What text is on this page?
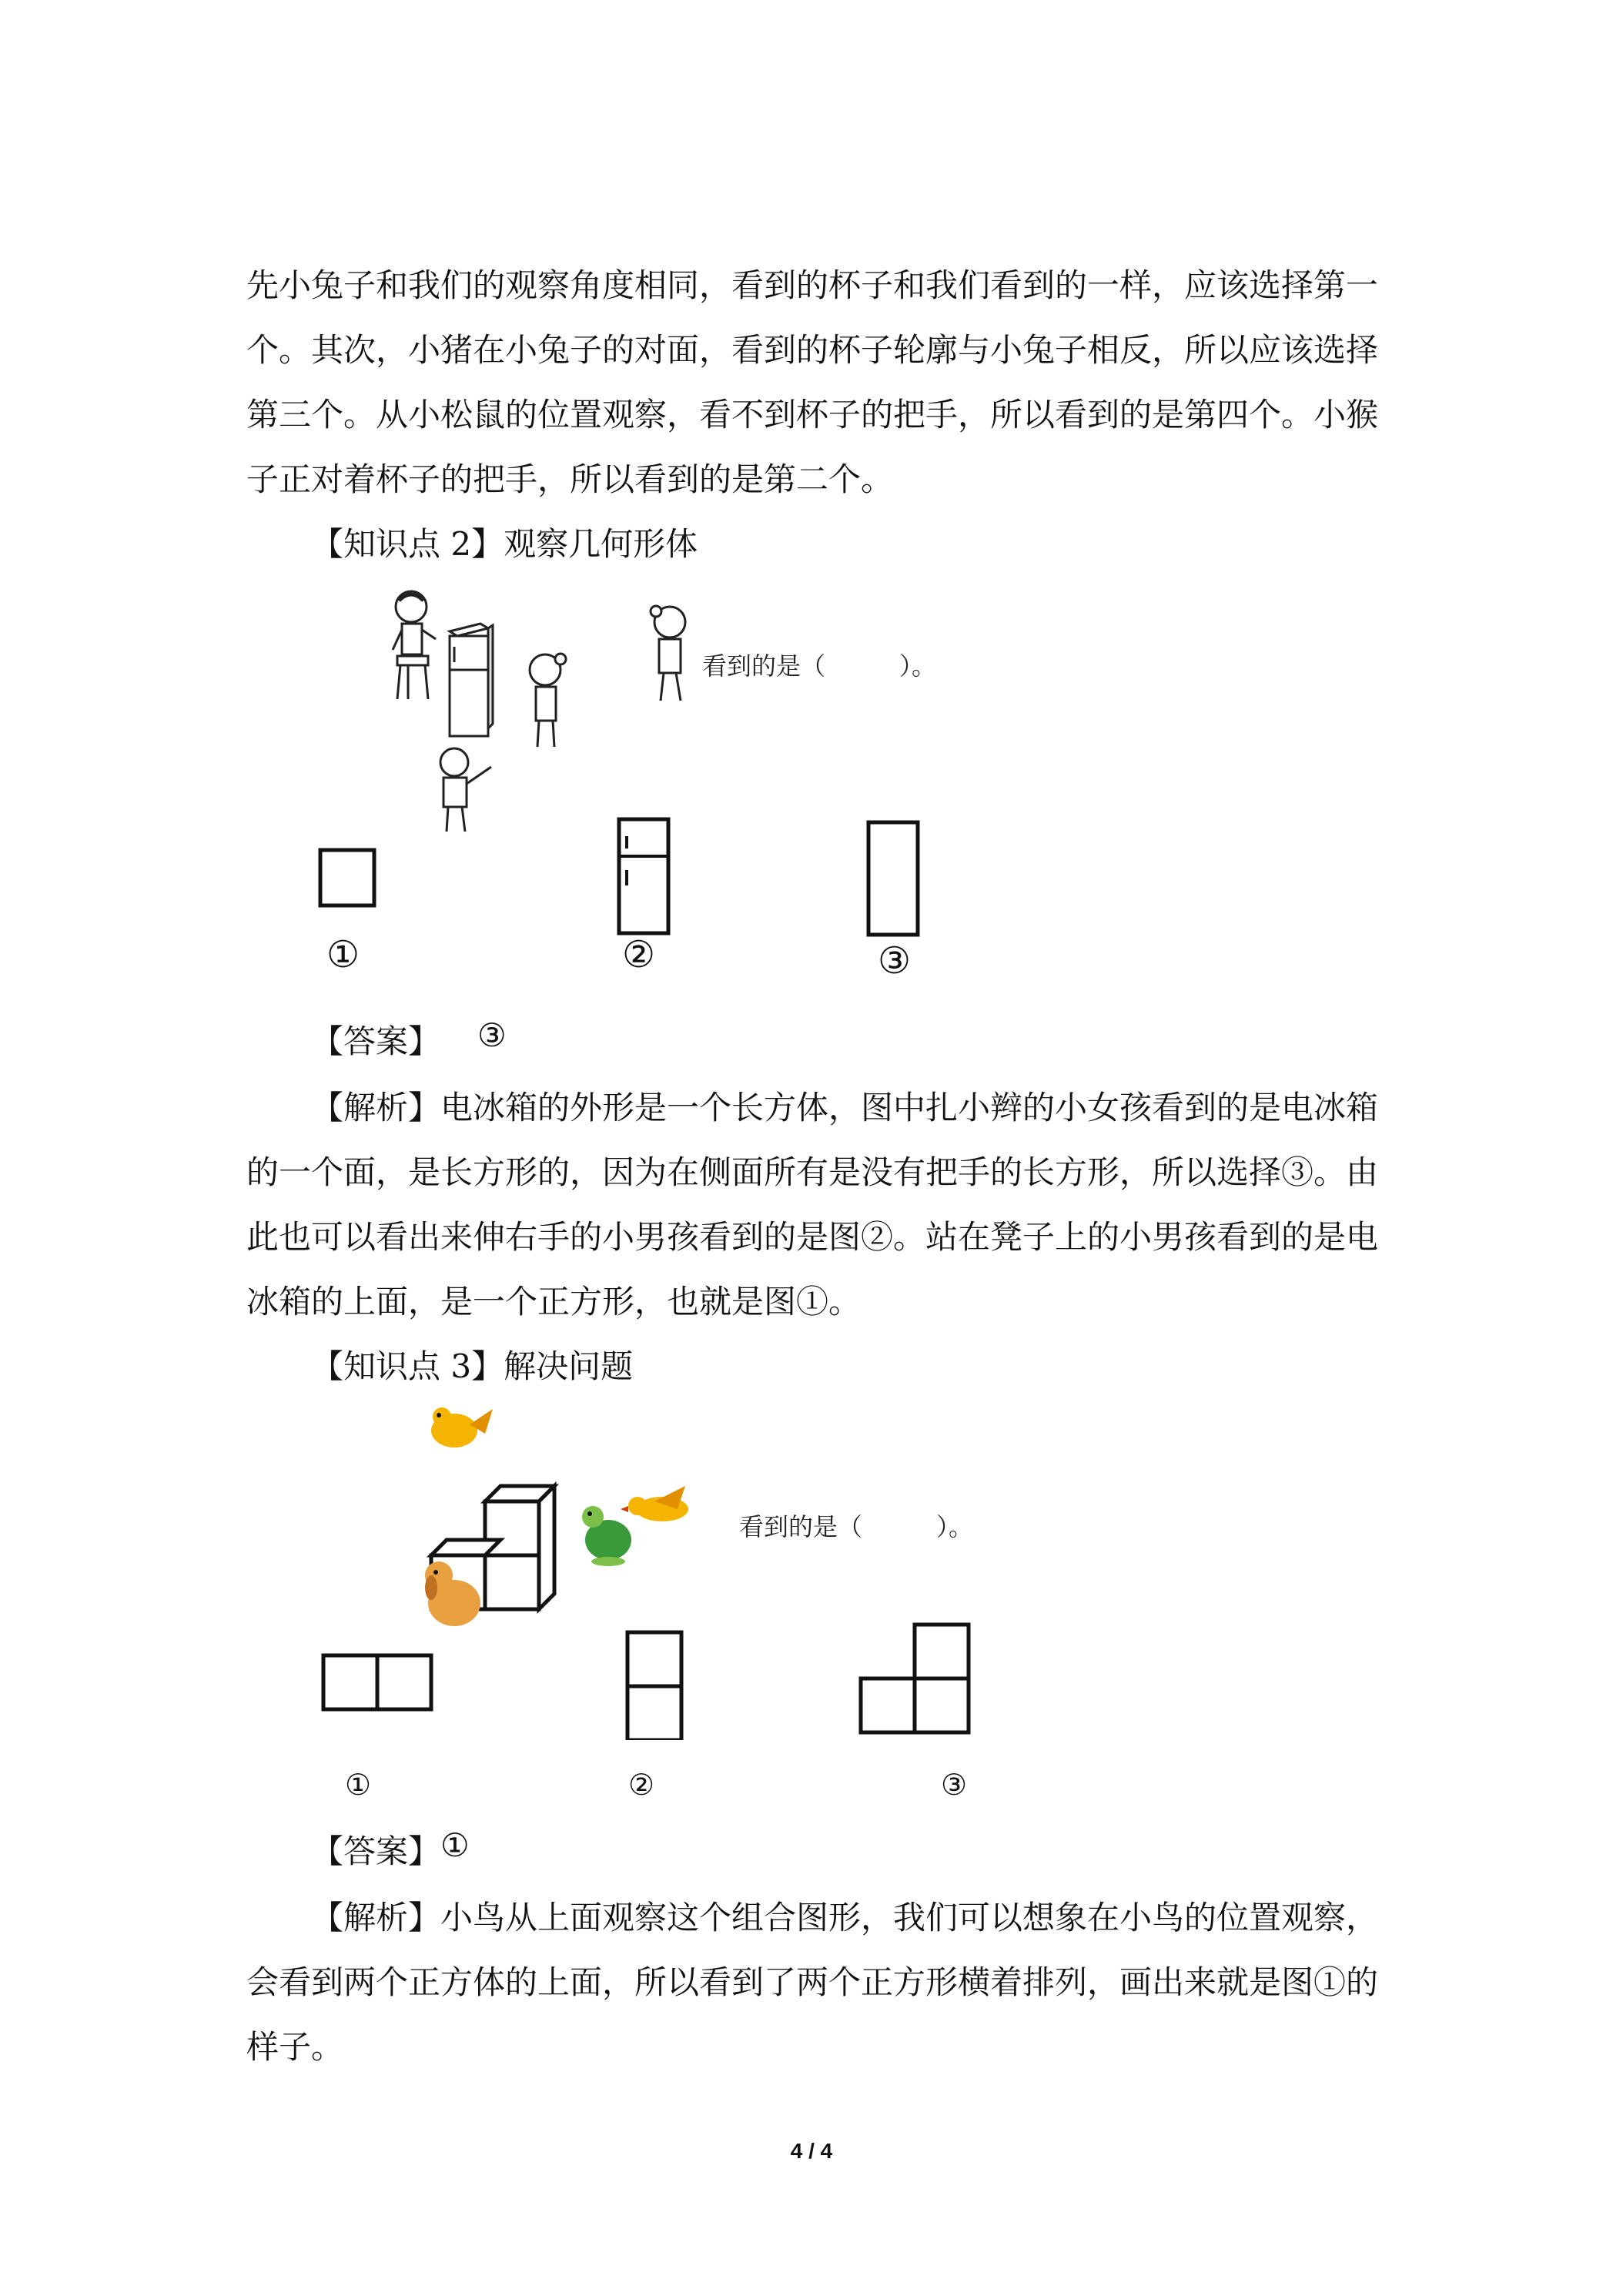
先小兔子和我们的观察角度相同，看到的杯子和我们看到的一样，应该选择第一
个。其次，小猪在小兔子的对面，看到的杯子轮廓与小兔子相反，所以应该选择
第三个。从小松鼠的位置观察，看不到杯子的把手，所以看到的是第四个。小猴
子正对着杯子的把手，所以看到的是第二个。
【知识点 2】观察几何形体
看到的是（　　　）。
①	②	③
【答案】 ③
【解析】电冰箱的外形是一个长方体，图中扎小辫的小女孩看到的是电冰箱
的一个面，是长方形的，因为在侧面所有是没有把手的长方形，所以选择③。由
此也可以看出来伸右手的小男孩看到的是图②。站在凳子上的小男孩看到的是电
冰箱的上面，是一个正方形，也就是图①。
【知识点 3】解决问题
看到的是（　　　）。
①	②	③
【答案】 ①
【解析】小鸟从上面观察这个组合图形，我们可以想象在小鸟的位置观察，
会看到两个正方体的上面，所以看到了两个正方形横着排列，画出来就是图①的
样子。
4 / 4
